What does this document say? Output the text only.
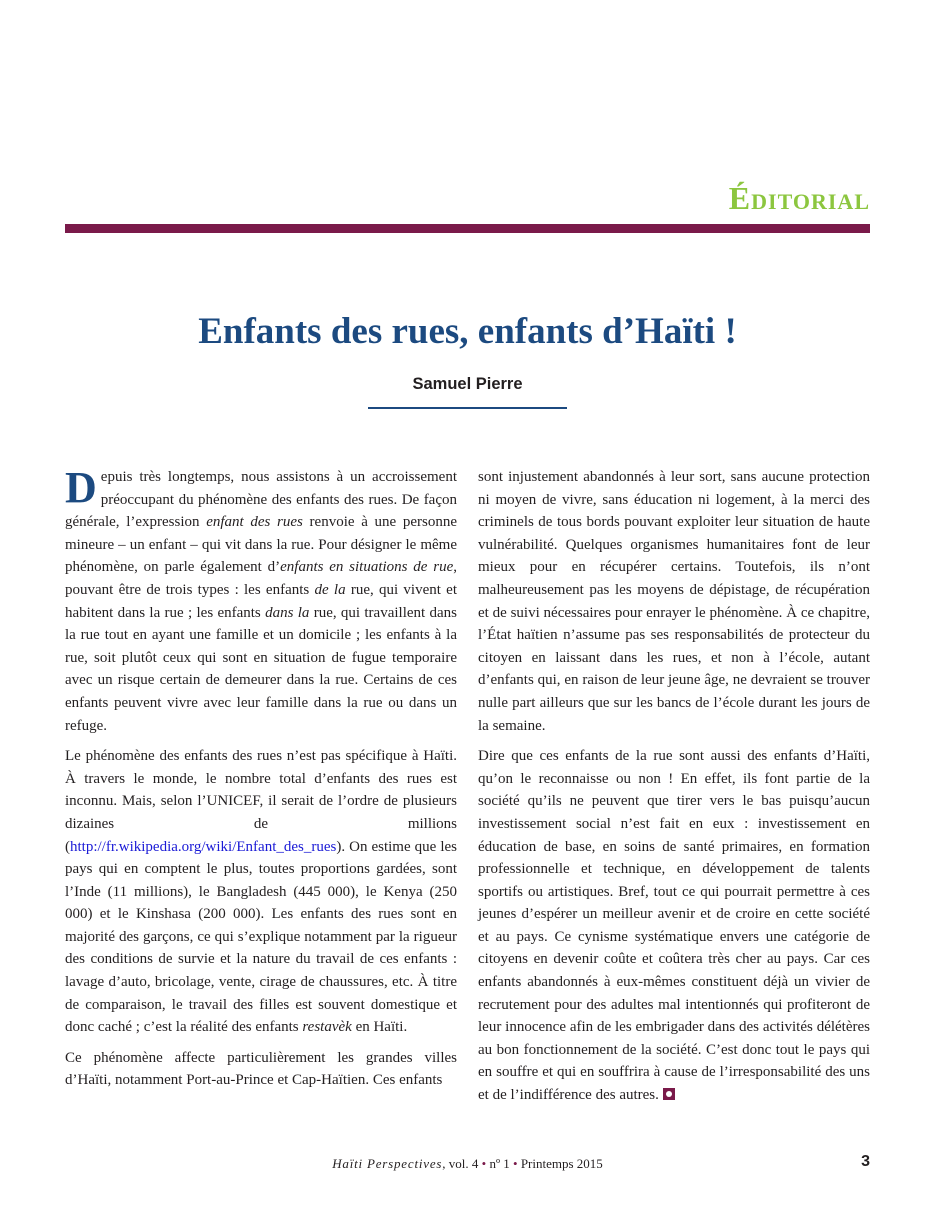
Éditorial
Enfants des rues, enfants d’Haïti !
Samuel Pierre

Depuis très longtemps, nous assistons à un accroissement préoccupant du phénomène des enfants des rues. De façon générale, l’expression enfant des rues renvoie à une personne mineure – un enfant – qui vit dans la rue. Pour désigner le même phénomène, on parle également d’enfants en situations de rue, pouvant être de trois types : les enfants de la rue, qui vivent et habitent dans la rue ; les enfants dans la rue, qui travaillent dans la rue tout en ayant une famille et un domicile ; les enfants à la rue, soit plutôt ceux qui sont en situation de fugue temporaire avec un risque certain de demeurer dans la rue. Certains de ces enfants peuvent vivre avec leur famille dans la rue ou dans un refuge.

Le phénomène des enfants des rues n’est pas spécifique à Haïti. À travers le monde, le nombre total d’enfants des rues est inconnu. Mais, selon l’UNICEF, il serait de l’ordre de plusieurs dizaines de millions (http://fr.wikipedia.org/wiki/Enfant_des_rues). On estime que les pays qui en comptent le plus, toutes proportions gardées, sont l’Inde (11 millions), le Bangladesh (445 000), le Kenya (250 000) et le Kinshasa (200 000). Les enfants des rues sont en majorité des garçons, ce qui s’explique notamment par la rigueur des conditions de survie et la nature du travail de ces enfants : lavage d’auto, bricolage, vente, cirage de chaussures, etc. À titre de comparaison, le travail des filles est souvent domestique et donc caché ; c’est la réalité des enfants restavèk en Haïti.

Ce phénomène affecte particulièrement les grandes villes d’Haïti, notamment Port-au-Prince et Cap-Haïtien. Ces enfants

sont injustement abandonnés à leur sort, sans aucune protection ni moyen de vivre, sans éducation ni logement, à la merci des criminels de tous bords pouvant exploiter leur situation de haute vulnérabilité. Quelques organismes humanitaires font de leur mieux pour en récupérer certains. Toutefois, ils n’ont malheureusement pas les moyens de dépistage, de récupération et de suivi nécessaires pour enrayer le phénomène. À ce chapitre, l’État haïtien n’assume pas ses responsabilités de protecteur du citoyen en laissant dans les rues, et non à l’école, autant d’enfants qui, en raison de leur jeune âge, ne devraient se trouver nulle part ailleurs que sur les bancs de l’école durant les jours de la semaine.

Dire que ces enfants de la rue sont aussi des enfants d’Haïti, qu’on le reconnaisse ou non ! En effet, ils font partie de la société qu’ils ne peuvent que tirer vers le bas puisqu’aucun investissement social n’est fait en eux : investissement en éducation de base, en soins de santé primaires, en formation professionnelle et technique, en développement de talents sportifs ou artistiques. Bref, tout ce qui pourrait permettre à ces jeunes d’espérer un meilleur avenir et de croire en cette société et au pays. Ce cynisme systématique envers une catégorie de citoyens en devenir coûte et coûtera très cher au pays. Car ces enfants abandonnés à eux-mêmes constituent déjà un vivier de recrutement pour des adultes mal intentionnés qui profiteront de leur innocence afin de les embrigader dans des activités délétères au bon fonctionnement de la société. C’est donc tout le pays qui en souffre et qui en souffrira à cause de l’irresponsabilité des uns et de l’indifférence des autres.

Haïti Perspectives, vol. 4 • nº 1 • Printemps 2015	3
